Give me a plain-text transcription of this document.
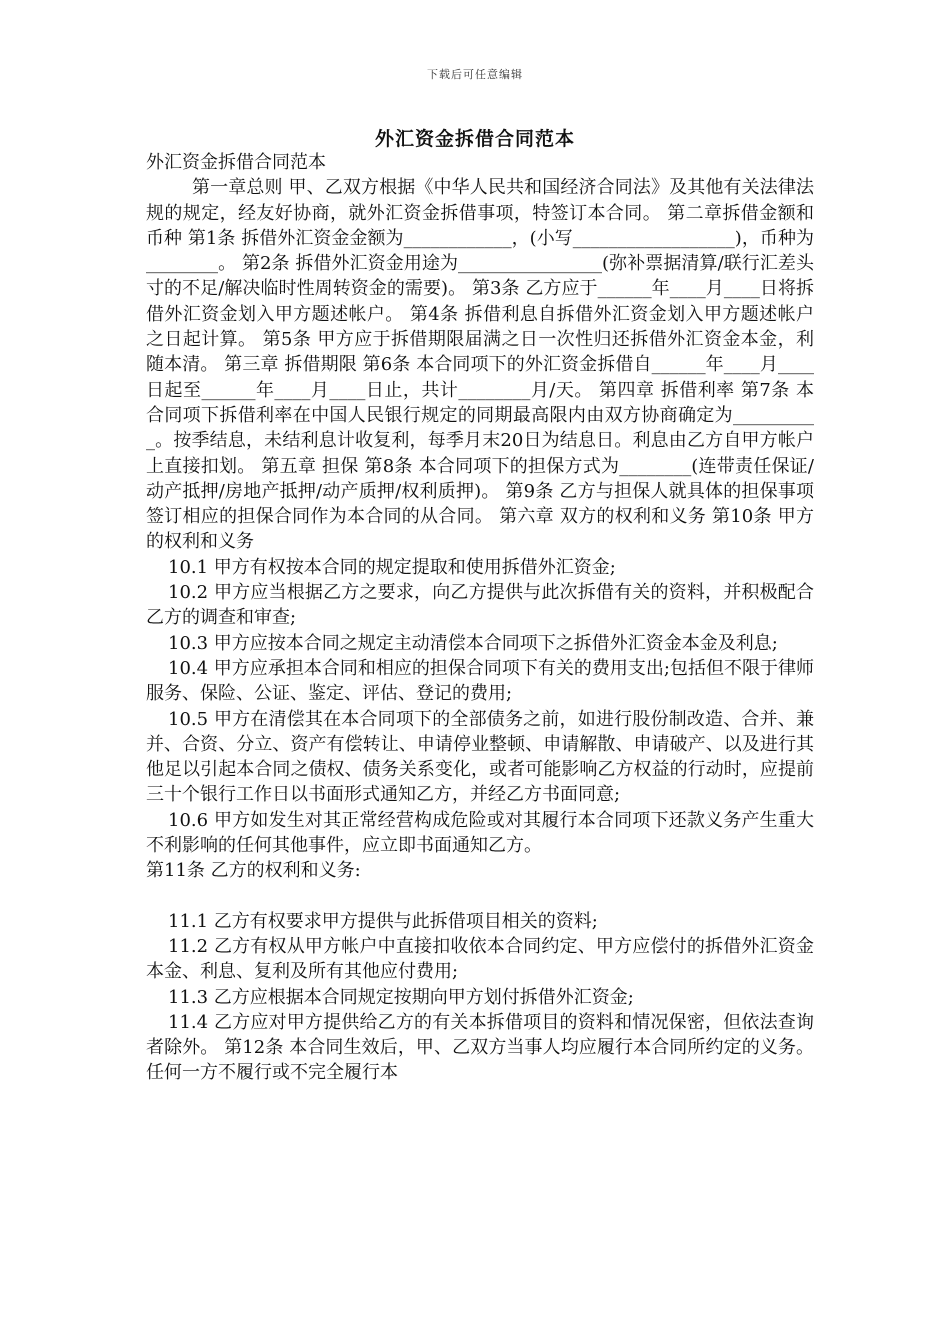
下载后可任意编辑
外汇资金拆借合同范本

外汇资金拆借合同范本

第一章总则 甲、乙双方根据《中华人民共和国经济合同法》及其他有关法律法规的规定，经友好协商，就外汇资金拆借事项，特签订本合同。 第二章拆借金额和币种 第1条 拆借外汇资金金额为____________，(小写__________________)，币种为________。 第2条 拆借外汇资金用途为________________(弥补票据清算/联行汇差头寸的不足/解决临时性周转资金的需要)。 第3条 乙方应于______年____月____日将拆借外汇资金划入甲方题述帐户。 第4条 拆借利息自拆借外汇资金划入甲方题述帐户之日起计算。 第5条 甲方应于拆借期限届满之日一次性归还拆借外汇资金本金，利随本清。 第三章 拆借期限 第6条 本合同项下的外汇资金拆借自______年____月____日起至______年____月____日止，共计________月/天。 第四章 拆借利率 第7条 本合同项下拆借利率在中国人民银行规定的同期最高限内由双方协商确定为__________。按季结息，未结利息计收复利，每季月末20日为结息日。利息由乙方自甲方帐户上直接扣划。 第五章 担保 第8条 本合同项下的担保方式为________(连带责任保证/动产抵押/房地产抵押/动产质押/权利质押)。 第9条 乙方与担保人就具体的担保事项签订相应的担保合同作为本合同的从合同。 第六章 双方的权利和义务 第10条 甲方的权利和义务

10.1 甲方有权按本合同的规定提取和使用拆借外汇资金;

10.2 甲方应当根据乙方之要求，向乙方提供与此次拆借有关的资料，并积极配合乙方的调查和审查;

10.3 甲方应按本合同之规定主动清偿本合同项下之拆借外汇资金本金及利息;

10.4 甲方应承担本合同和相应的担保合同项下有关的费用支出;包括但不限于律师服务、保险、公证、鉴定、评估、登记的费用;

10.5 甲方在清偿其在本合同项下的全部债务之前，如进行股份制改造、合并、兼并、合资、分立、资产有偿转让、申请停业整顿、申请解散、申请破产、以及进行其他足以引起本合同之债权、债务关系变化，或者可能影响乙方权益的行动时，应提前三十个银行工作日以书面形式通知乙方，并经乙方书面同意;

10.6 甲方如发生对其正常经营构成危险或对其履行本合同项下还款义务产生重大不利影响的任何其他事件，应立即书面通知乙方。

第11条 乙方的权利和义务:

11.1 乙方有权要求甲方提供与此拆借项目相关的资料;

11.2 乙方有权从甲方帐户中直接扣收依本合同约定、甲方应偿付的拆借外汇资金本金、利息、复利及所有其他应付费用;

11.3 乙方应根据本合同规定按期向甲方划付拆借外汇资金;

11.4 乙方应对甲方提供给乙方的有关本拆借项目的资料和情况保密，但依法查询者除外。 第12条 本合同生效后，甲、乙双方当事人均应履行本合同所约定的义务。任何一方不履行或不完全履行本
